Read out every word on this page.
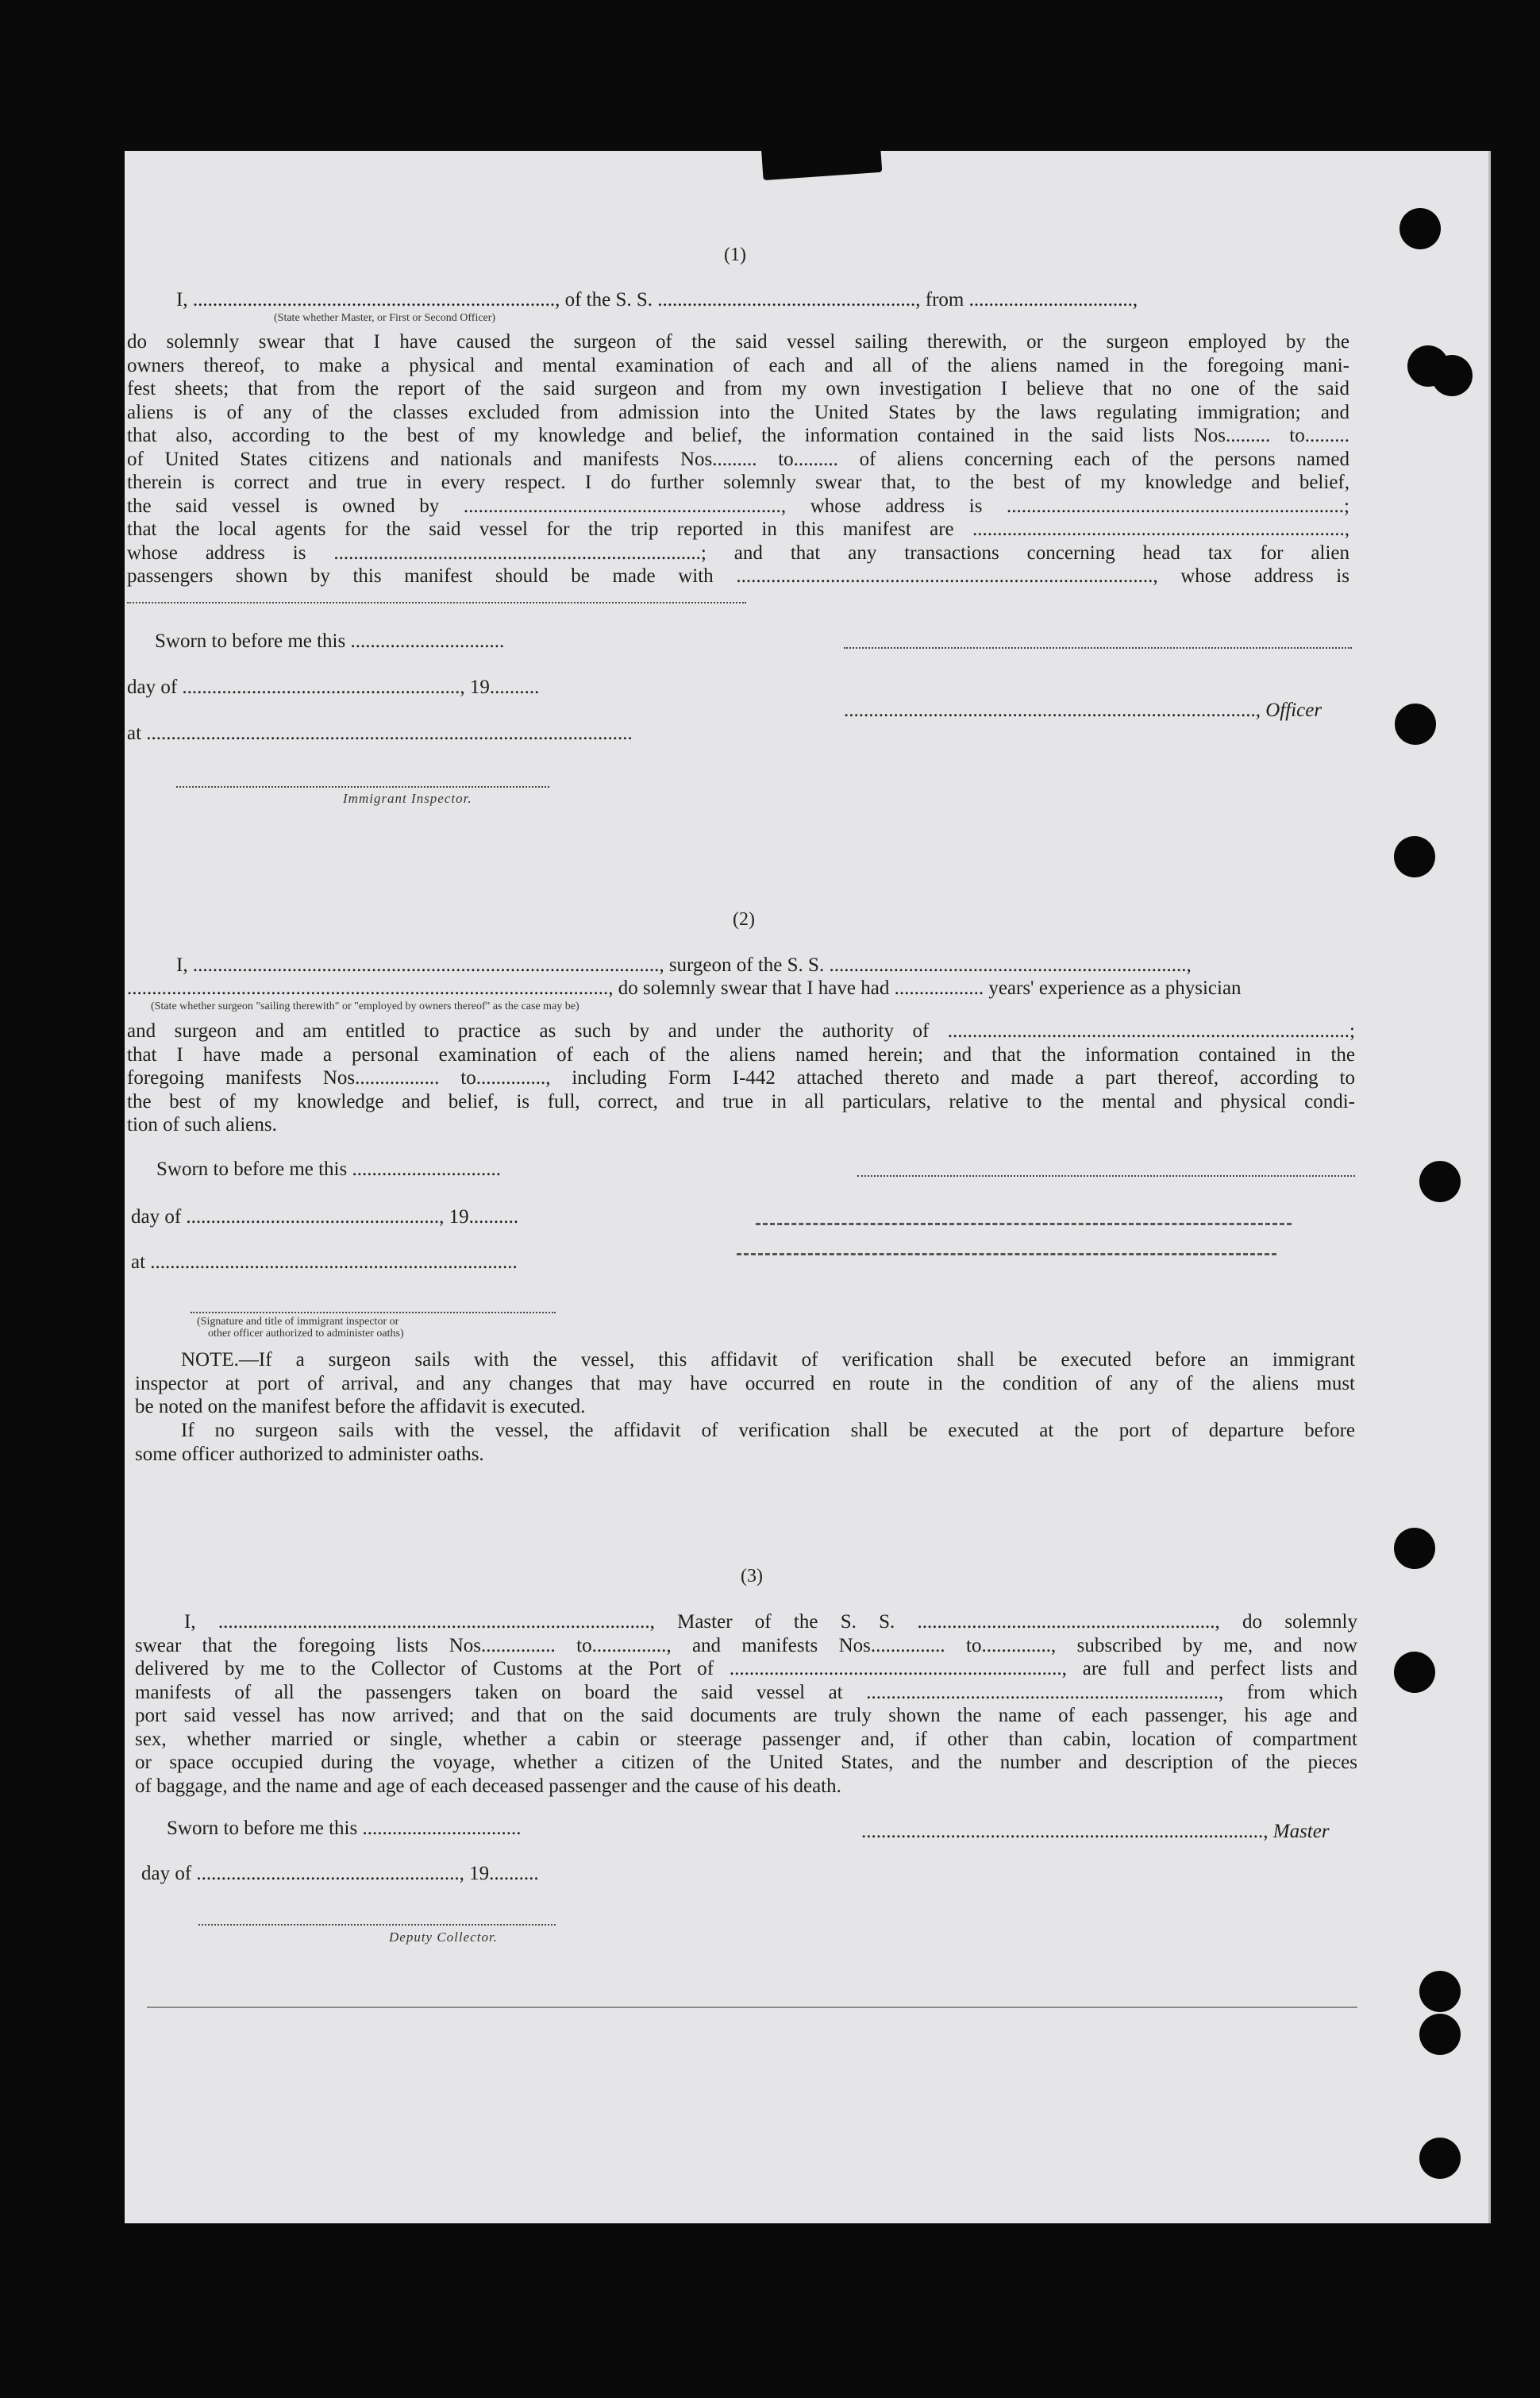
(1)
I, ........................................................................., of the S. S. ...................................................., from .................................,
(State whether Master, or First or Second Officer)
do solemnly swear that I have caused the surgeon of the said vessel sailing therewith, or the surgeon employed by the
owners thereof, to make a physical and mental examination of each and all of the aliens named in the foregoing mani-
fest sheets; that from the report of the said surgeon and from my own investigation I believe that no one of the said
aliens is of any of the classes excluded from admission into the United States by the laws regulating immigration; and
that also, according to the best of my knowledge and belief, the information contained in the said lists Nos......... to.........
of United States citizens and nationals and manifests Nos......... to......... of aliens concerning each of the persons named
therein is correct and true in every respect. I do further solemnly swear that, to the best of my knowledge and belief,
the said vessel is owned by ................................................................, whose address is ....................................................................;
that the local agents for the said vessel for the trip reported in this manifest are ...........................................................................,
whose address is ..........................................................................; and that any transactions concerning head tax for alien
passengers shown by this manifest should be made with ...................................................................................., whose address is
Sworn to before me this ...............................
day of ........................................................, 19..........
..................................................................................., Officer
at ..................................................................................................
Immigrant Inspector.
(2)
I, .............................................................................................., surgeon of the S. S. ........................................................................,
................................................................................................., do solemnly swear that I have had .................. years' experience as a physician
(State whether surgeon "sailing therewith" or "employed by owners thereof" as the case may be)
and surgeon and am entitled to practice as such by and under the authority of .................................................................................;
that I have made a personal examination of each of the aliens named herein; and that the information contained in the
foregoing manifests Nos................. to.............., including Form I-442 attached thereto and made a part thereof, according to
the best of my knowledge and belief, is full, correct, and true in all particulars, relative to the mental and physical condi-
tion of such aliens.
Sworn to before me this ..............................
day of ..................................................., 19..........
at ..........................................................................
(Signature and title of immigrant inspector or
other officer authorized to administer oaths)
NOTE.—If a surgeon sails with the vessel, this affidavit of verification shall be executed before an immigrant
inspector at port of arrival, and any changes that may have occurred en route in the condition of any of the aliens must
be noted on the manifest before the affidavit is executed.
If no surgeon sails with the vessel, the affidavit of verification shall be executed at the port of departure before
some officer authorized to administer oaths.
(3)
I, ......................................................................................., Master of the S. S. ............................................................, do solemnly
swear that the foregoing lists Nos............... to..............., and manifests Nos............... to.............., subscribed by me, and now
delivered by me to the Collector of Customs at the Port of ..................................................................., are full and perfect lists and
manifests of all the passengers taken on board the said vessel at ......................................................................., from which
port said vessel has now arrived; and that on the said documents are truly shown the name of each passenger, his age and
sex, whether married or single, whether a cabin or steerage passenger and, if other than cabin, location of compartment
or space occupied during the voyage, whether a citizen of the United States, and the number and description of the pieces
of baggage, and the name and age of each deceased passenger and the cause of his death.
Sworn to before me this ................................	................................................................................., Master
day of ....................................................., 19..........
Deputy Collector.
